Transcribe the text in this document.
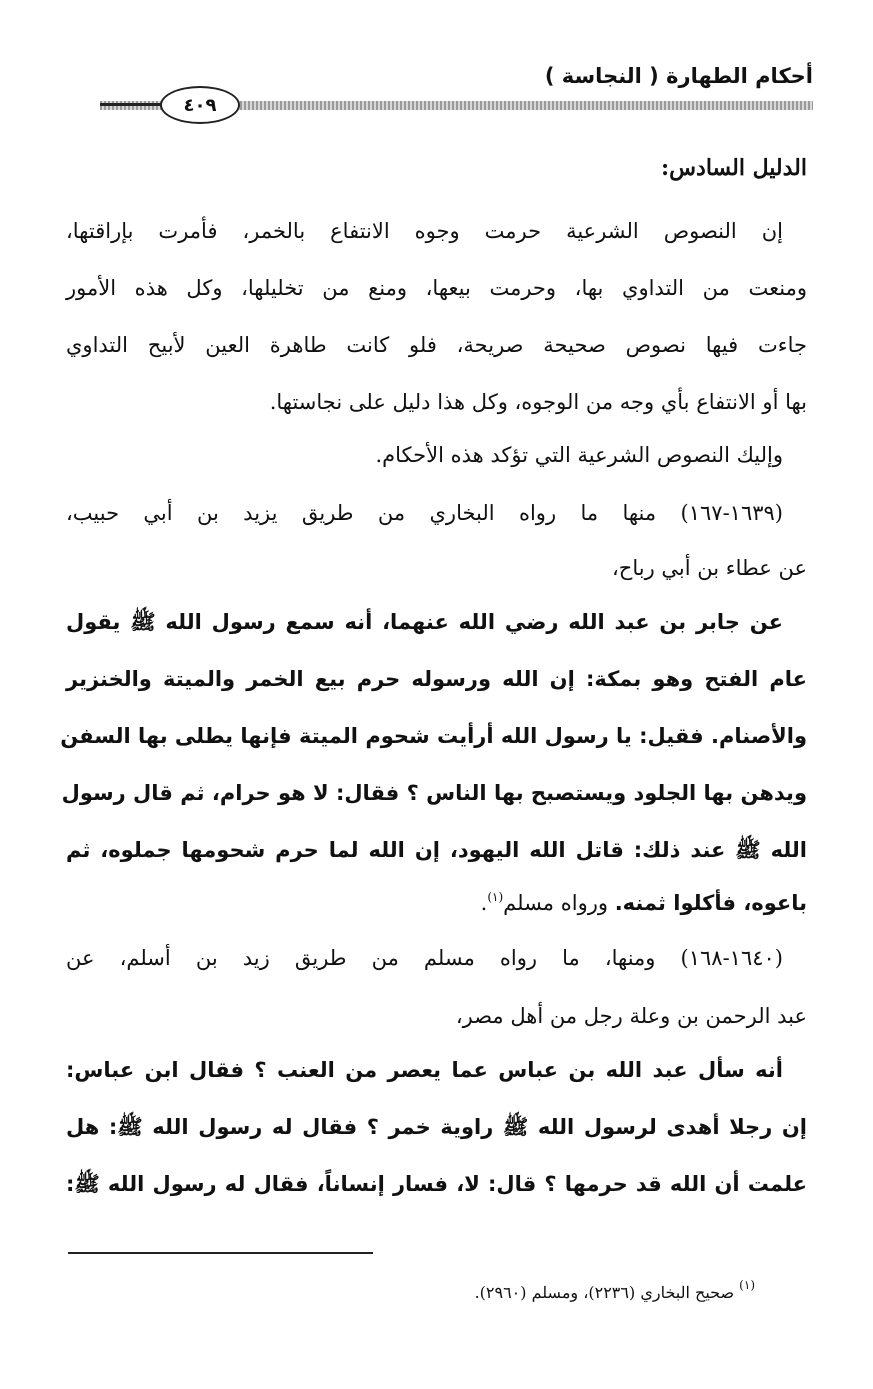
أحكام الطهارة ( النجاسة )
٤٠٩
الدليل السادس:
إن النصوص الشرعية حرمت وجوه الانتفاع بالخمر، فأمرت بإراقتها،
ومنعت من التداوي بها، وحرمت بيعها، ومنع من تخليلها، وكل هذه الأمور
جاءت فيها نصوص صحيحة صريحة، فلو كانت طاهرة العين لأبيح التداوي
بها أو الانتفاع بأي وجه من الوجوه، وكل هذا دليل على نجاستها.
وإليك النصوص الشرعية التي تؤكد هذه الأحكام.
(١٦٣٩-١٦٧) منها ما رواه البخاري من طريق يزيد بن أبي حبيب،
عن عطاء بن أبي رباح،
عن جابر بن عبد الله رضي الله عنهما، أنه سمع رسول الله ﷺ يقول
عام الفتح وهو بمكة: إن الله ورسوله حرم بيع الخمر والميتة والخنزير
والأصنام. فقيل: يا رسول الله أرأيت شحوم الميتة فإنها يطلى بها السفن
ويدهن بها الجلود ويستصبح بها الناس ؟ فقال: لا هو حرام، ثم قال رسول
الله ﷺ عند ذلك: قاتل الله اليهود، إن الله لما حرم شحومها جملوه، ثم
باعوه، فأكلوا ثمنه. ورواه مسلم$^{(١)}$.
(١٦٤٠-١٦٨) ومنها، ما رواه مسلم من طريق زيد بن أسلم، عن
عبد الرحمن بن وعلة رجل من أهل مصر،
أنه سأل عبد الله بن عباس عما يعصر من العنب ؟ فقال ابن عباس:
إن رجلا أهدى لرسول الله ﷺ راوية خمر ؟ فقال له رسول الله ﷺ: هل
علمت أن الله قد حرمها ؟ قال: لا، فسار إنساناً، فقال له رسول الله ﷺ:
$^{(١)}$ صحيح البخاري (٢٢٣٦)، ومسلم (٢٩٦٠).
